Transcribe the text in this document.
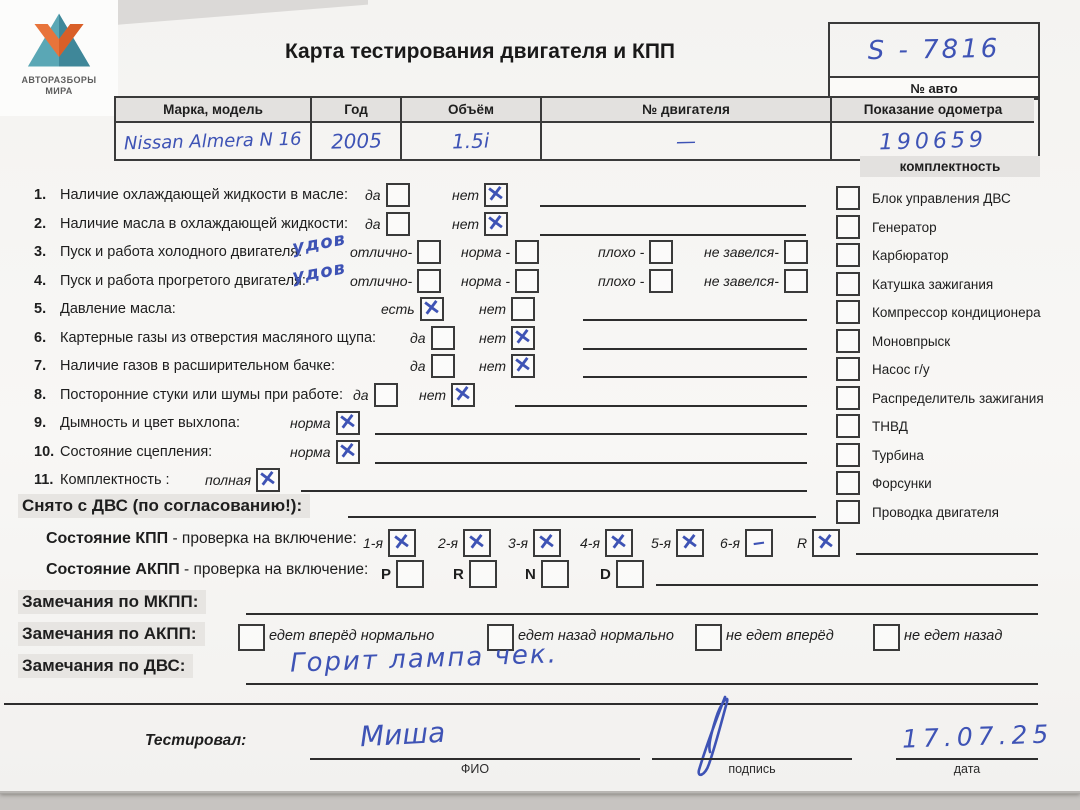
АВТОРАЗБОРЫ
МИРА
Карта тестирования двигателя и КПП	S - 7816
№ авто
Марка, модель	Год	Объём	№ двигателя	Показание одометра
Nissan Almera N 16 2005	1.5i	—	190659
комплектность
Блок управления ДВС
Генератор
Карбюратор
Катушка зажигания
Компрессор кондиционера
Моновпрыск
Насос г/у
Распределитель зажигания
ТНВД
Турбина
Форсунки
Проводка двигателя
1. Наличие охлаждающей жидкости в масле: да	нет ✕
2. Наличие масла в охлаждающей жидкости: да	нет ✕
3. Пуск и работа холодного двигателя:
удов отлично-	норма -	плохо -	не завелся-
4. Пуск и работа прогретого двигателя:
удов отлично-	норма -	плохо -	не завелся-
5. Давление масла:	есть ✕	нет
6. Картерные газы из отверстия масляного щупа: да	нет ✕
7. Наличие газов в расширительном бачке:	да	нет ✕
8. Посторонние стуки или шумы при работе: да	нет ✕
9. Дымность и цвет выхлопа:	норма ✕
10. Состояние сцепления:	норма ✕
11. Комплектность :	полная ✕
Снято с ДВС (по согласованию!):
Состояние КПП - проверка на включение: 1-я ✕ 2-я ✕ 3-я ✕ 4-я ✕ 5-я ✕ 6-я – R ✕
Состояние АКПП - проверка на включение: P	R	N	D
Замечания по МКПП:
Замечания по АКПП:	едет вперёд нормально	едет назад нормально	не едет вперёд	не едет назад
Замечания по ДВС:	Горит лампа чек.
Тестировал:	Миша
ФИО	подпись
17.07.25
дата
